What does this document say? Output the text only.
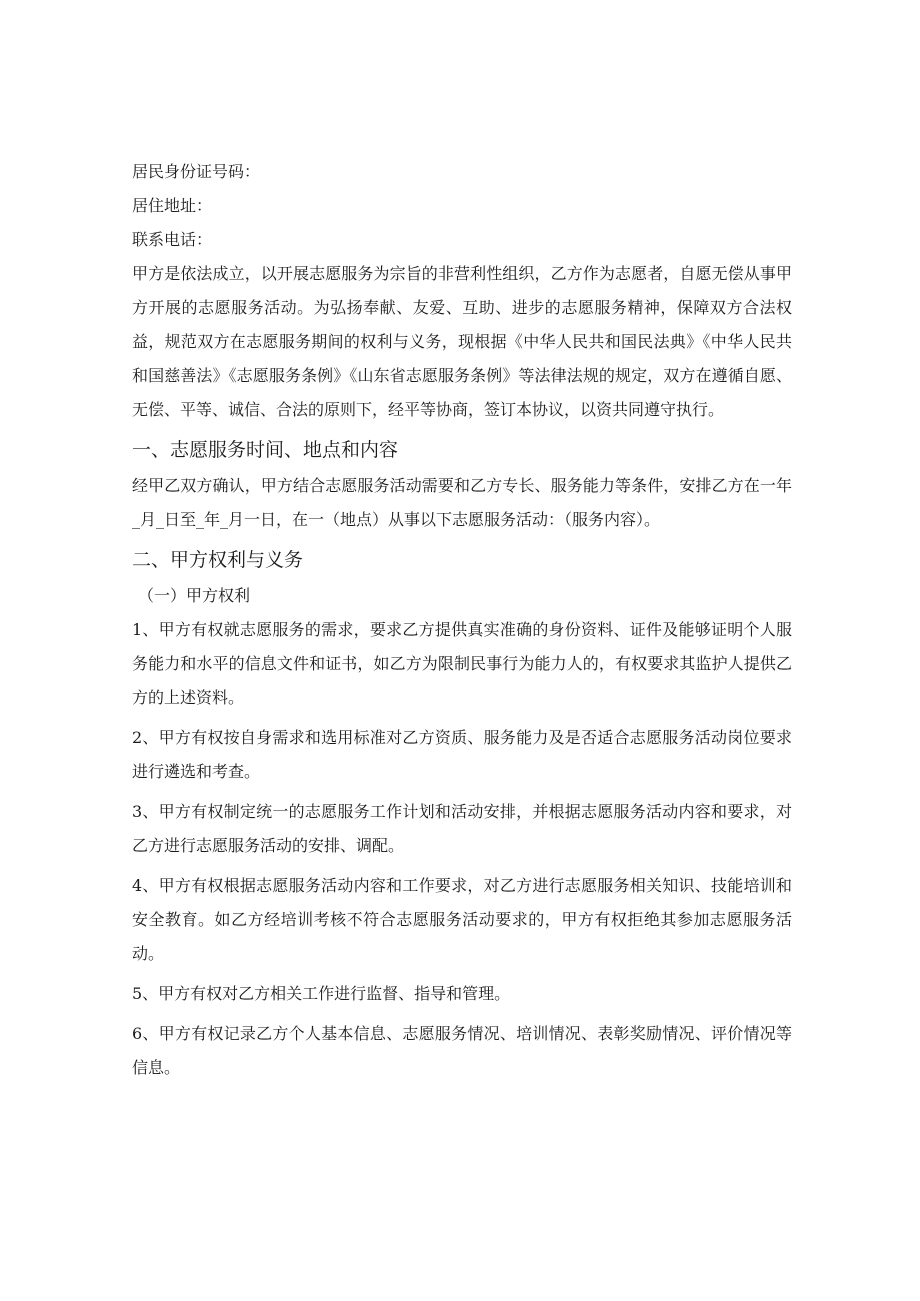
居民身份证号码：
居住地址：
联系电话：
甲方是依法成立，以开展志愿服务为宗旨的非营利性组织，乙方作为志愿者，自愿无偿从事甲方开展的志愿服务活动。为弘扬奉献、友爱、互助、进步的志愿服务精神，保障双方合法权益，规范双方在志愿服务期间的权利与义务，现根据《中华人民共和国民法典》《中华人民共和国慈善法》《志愿服务条例》《山东省志愿服务条例》等法律法规的规定，双方在遵循自愿、无偿、平等、诚信、合法的原则下，经平等协商，签订本协议，以资共同遵守执行。
一、志愿服务时间、地点和内容
经甲乙双方确认，甲方结合志愿服务活动需要和乙方专长、服务能力等条件，安排乙方在一年_月_日至_年_月一日，在一（地点）从事以下志愿服务活动：（服务内容）。
二、甲方权利与义务
（一）甲方权利
1、甲方有权就志愿服务的需求，要求乙方提供真实准确的身份资料、证件及能够证明个人服务能力和水平的信息文件和证书，如乙方为限制民事行为能力人的，有权要求其监护人提供乙方的上述资料。
2、甲方有权按自身需求和选用标准对乙方资质、服务能力及是否适合志愿服务活动岗位要求进行遴选和考查。
3、甲方有权制定统一的志愿服务工作计划和活动安排，并根据志愿服务活动内容和要求，对乙方进行志愿服务活动的安排、调配。
4、甲方有权根据志愿服务活动内容和工作要求，对乙方进行志愿服务相关知识、技能培训和安全教育。如乙方经培训考核不符合志愿服务活动要求的，甲方有权拒绝其参加志愿服务活动。
5、甲方有权对乙方相关工作进行监督、指导和管理。
6、甲方有权记录乙方个人基本信息、志愿服务情况、培训情况、表彰奖励情况、评价情况等信息。
